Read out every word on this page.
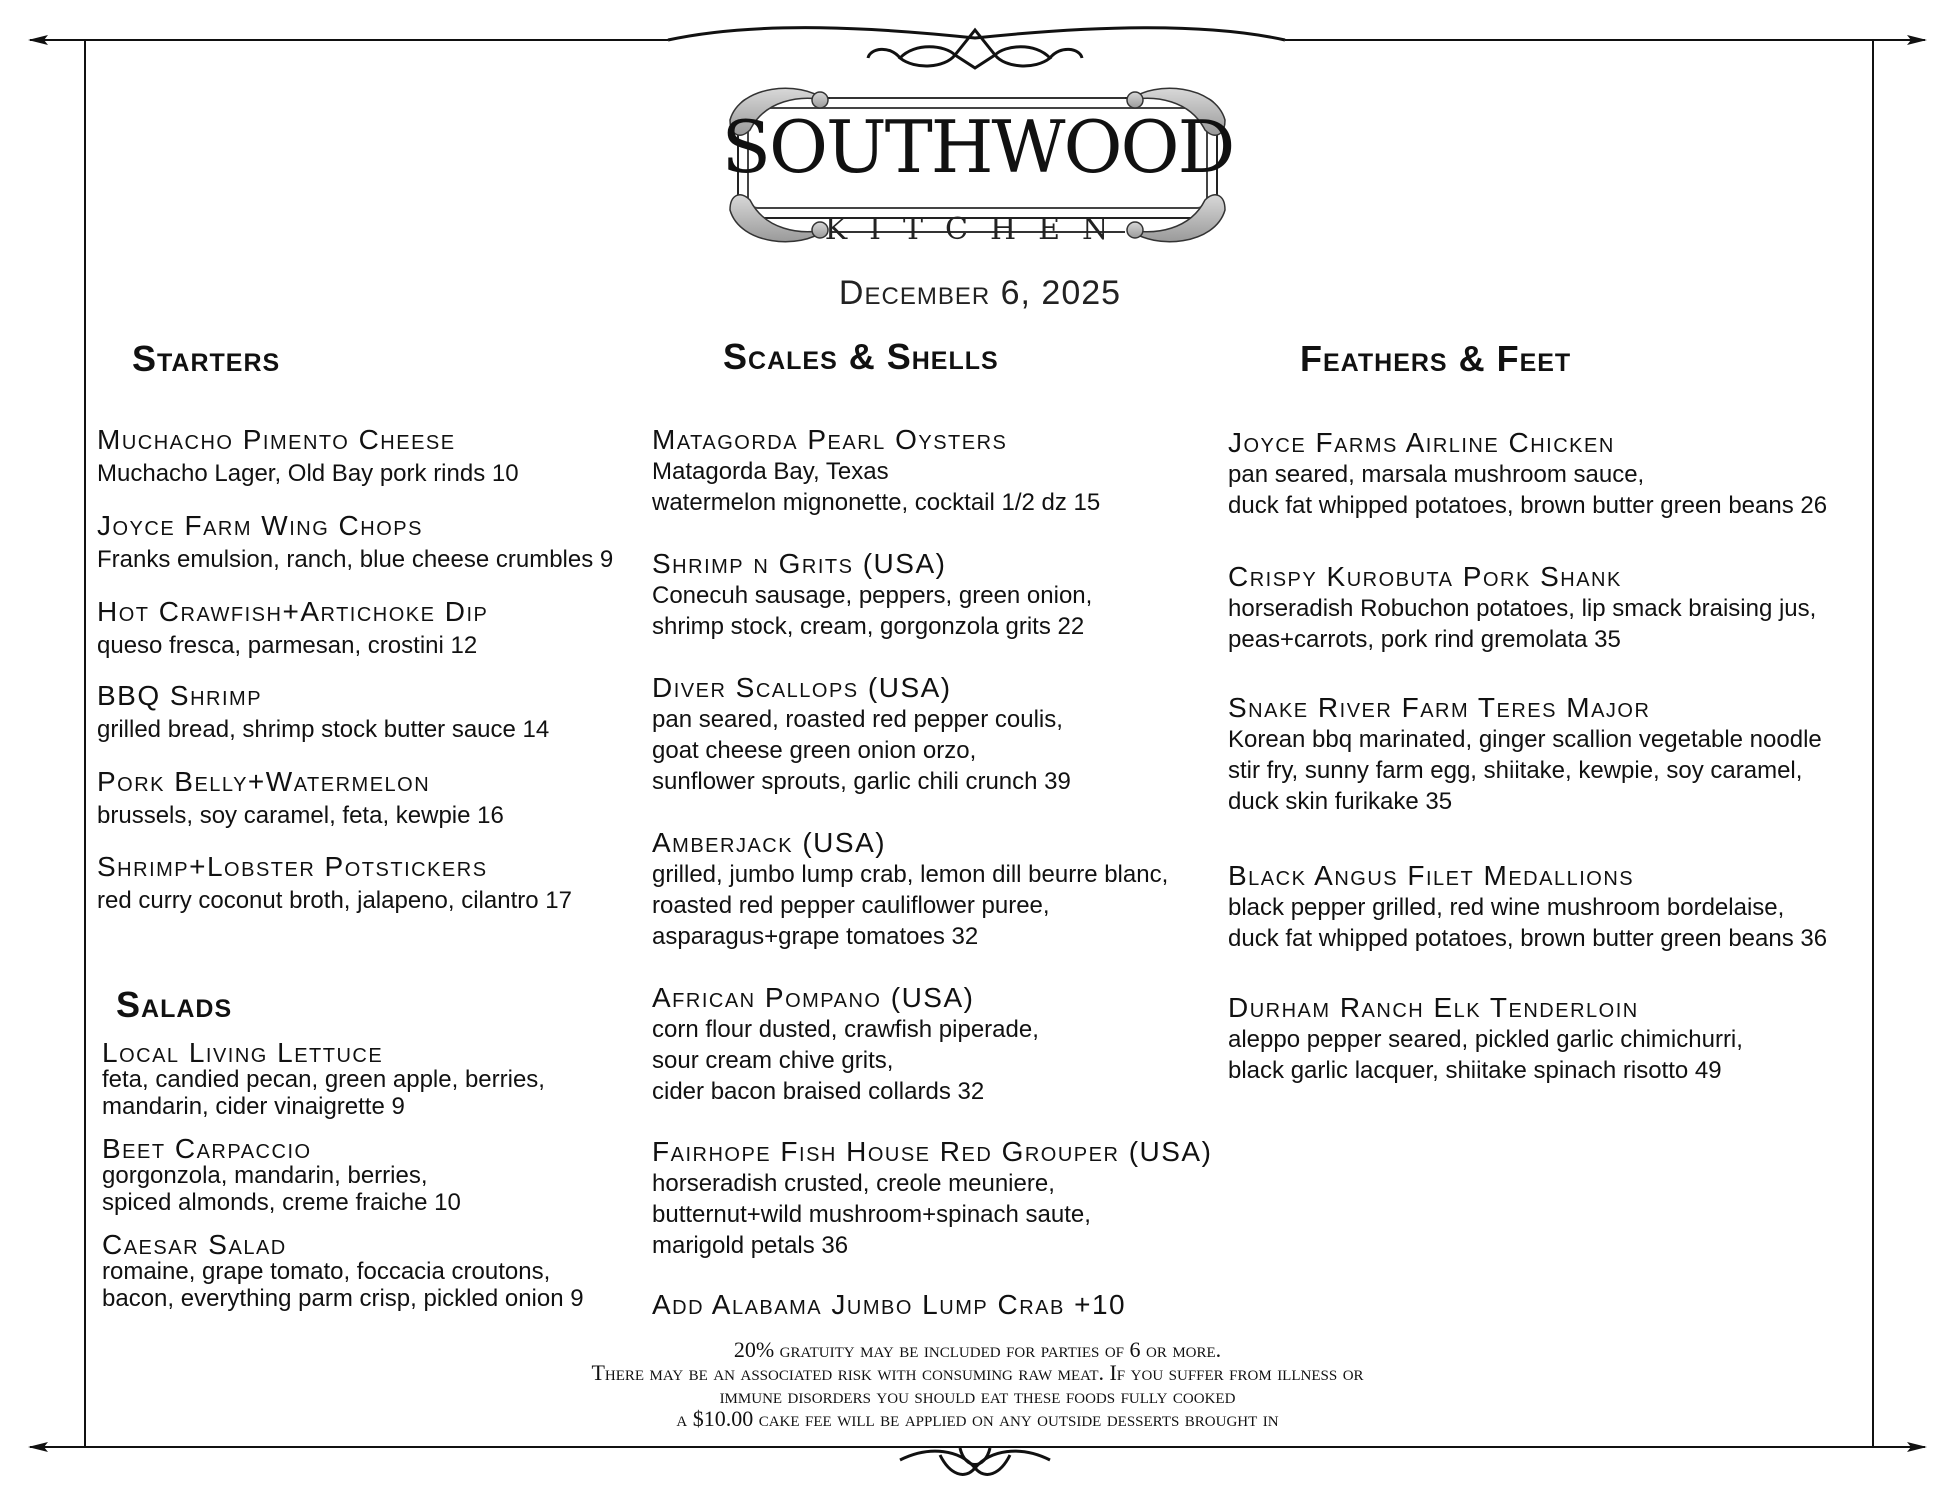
SOUTHWOOD
KITCHEN
December 6, 2025
Starters	Scales & Shells	Feathers & Feet
Salads
Muchacho Pimento Cheese
Muchacho Lager, Old Bay pork rinds 10
Joyce Farm Wing Chops
Franks emulsion, ranch, blue cheese crumbles 9
Hot Crawfish+Artichoke Dip
queso fresca, parmesan, crostini 12
BBQ Shrimp
grilled bread, shrimp stock butter sauce 14
Pork Belly+Watermelon
brussels, soy caramel, feta, kewpie 16
Shrimp+Lobster Potstickers
red curry coconut broth, jalapeno, cilantro 17
Local Living Lettuce
feta, candied pecan, green apple, berries,
mandarin, cider vinaigrette 9
Beet Carpaccio
gorgonzola, mandarin, berries,
spiced almonds, creme fraiche 10
Caesar Salad
romaine, grape tomato, foccacia croutons,
bacon, everything parm crisp, pickled onion 9
Matagorda Pearl Oysters
Matagorda Bay, Texas
watermelon mignonette, cocktail 1/2 dz 15
Shrimp n Grits (USA)
Conecuh sausage, peppers, green onion,
shrimp stock, cream, gorgonzola grits 22
Diver Scallops (USA)
pan seared, roasted red pepper coulis,
goat cheese green onion orzo,
sunflower sprouts, garlic chili crunch 39
Amberjack (USA)
grilled, jumbo lump crab, lemon dill beurre blanc,
roasted red pepper cauliflower puree,
asparagus+grape tomatoes 32
African Pompano (USA)
corn flour dusted, crawfish piperade,
sour cream chive grits,
cider bacon braised collards 32
Fairhope Fish House Red Grouper (USA)
horseradish crusted, creole meuniere,
butternut+wild mushroom+spinach saute,
marigold petals 36
Add Alabama Jumbo Lump Crab +10
Joyce Farms Airline Chicken
pan seared, marsala mushroom sauce,
duck fat whipped potatoes, brown butter green beans 26
Crispy Kurobuta Pork Shank
horseradish Robuchon potatoes, lip smack braising jus,
peas+carrots, pork rind gremolata 35
Snake River Farm Teres Major
Korean bbq marinated, ginger scallion vegetable noodle
stir fry, sunny farm egg, shiitake, kewpie, soy caramel,
duck skin furikake 35
Black Angus Filet Medallions
black pepper grilled, red wine mushroom bordelaise,
duck fat whipped potatoes, brown butter green beans 36
Durham Ranch Elk Tenderloin
aleppo pepper seared, pickled garlic chimichurri,
black garlic lacquer, shiitake spinach risotto 49
20% gratuity may be included for parties of 6 or more.
There may be an associated risk with consuming raw meat. If you suffer from illness or
immune disorders you should eat these foods fully cooked
a $10.00 cake fee will be applied on any outside desserts brought in
